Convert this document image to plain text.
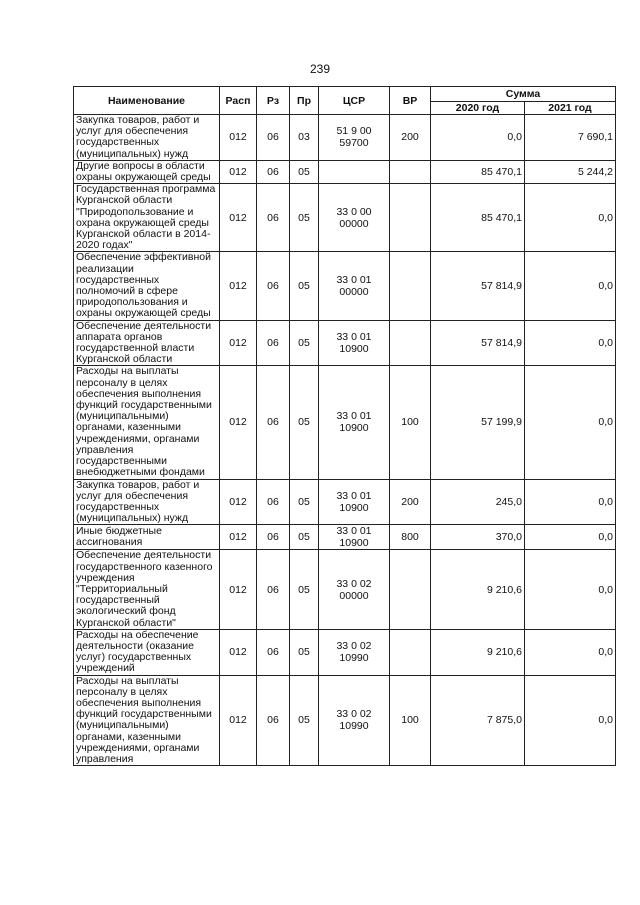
239
Наименование	Расп	Рз	Пр	ЦСР	ВР	Сумма	
						2020 год	2021 год
Закупка товаров, работ и услуг для обеспечения государственных (муниципальных) нужд	012	06	03	51 9 00 59700	200	0,0	7 690,1
Другие вопросы в области охраны окружающей среды	012	06	05			85 470,1	5 244,2
Государственная программа Курганской области "Природопользование и охрана окружающей среды Курганской области в 2014-2020 годах"	012	06	05	33 0 00 00000		85 470,1	0,0
Обеспечение эффективной реализации государственных полномочий в сфере природопользования и охраны окружающей среды	012	06	05	33 0 01 00000		57 814,9	0,0
Обеспечение деятельности аппарата органов государственной власти Курганской области	012	06	05	33 0 01 10900		57 814,9	0,0
Расходы на выплаты персоналу в целях обеспечения выполнения функций государственными (муниципальными) органами, казенными учреждениями, органами управления государственными внебюджетными фондами	012	06	05	33 0 01 10900	100	57 199,9	0,0
Закупка товаров, работ и услуг для обеспечения государственных (муниципальных) нужд	012	06	05	33 0 01 10900	200	245,0	0,0
Иные бюджетные ассигнования	012	06	05	33 0 01 10900	800	370,0	0,0
Обеспечение деятельности государственного казенного учреждения "Территориальный государственный экологический фонд Курганской области"	012	06	05	33 0 02 00000		9 210,6	0,0
Расходы на обеспечение деятельности (оказание услуг) государственных учреждений	012	06	05	33 0 02 10990		9 210,6	0,0
Расходы на выплаты персоналу в целях обеспечения выполнения функций государственными (муниципальными) органами, казенными учреждениями, органами управления	012	06	05	33 0 02 10990	100	7 875,0	0,0
